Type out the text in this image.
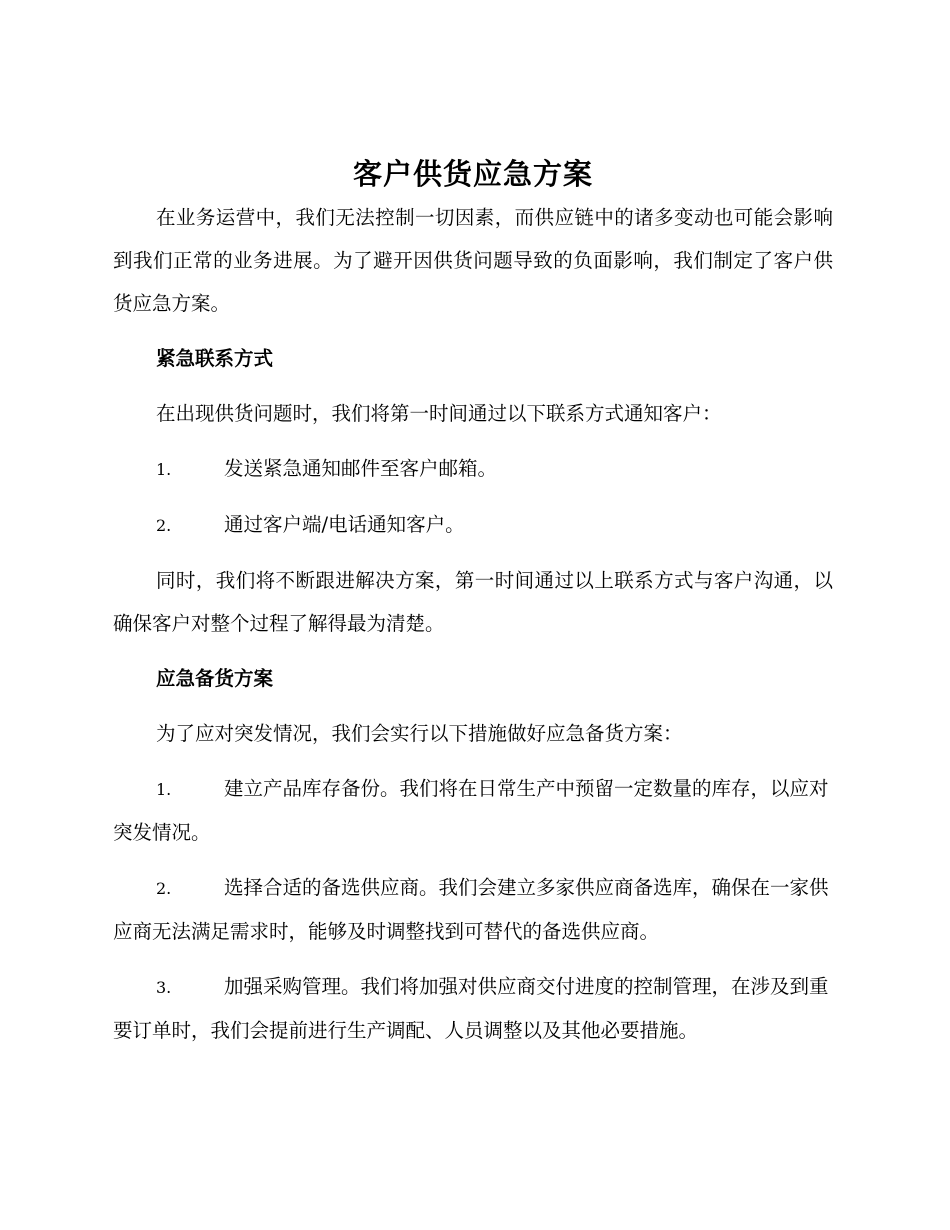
客户供货应急方案

在业务运营中，我们无法控制一切因素，而供应链中的诸多变动也可能会影响到我们正常的业务进展。为了避开因供货问题导致的负面影响，我们制定了客户供货应急方案。

紧急联系方式

在出现供货问题时，我们将第一时间通过以下联系方式通知客户：

1.	发送紧急通知邮件至客户邮箱。
2.	通过客户端/电话通知客户。

同时，我们将不断跟进解决方案，第一时间通过以上联系方式与客户沟通，以确保客户对整个过程了解得最为清楚。

应急备货方案

为了应对突发情况，我们会实行以下措施做好应急备货方案：

1.	建立产品库存备份。我们将在日常生产中预留一定数量的库存，以应对突发情况。
2.	选择合适的备选供应商。我们会建立多家供应商备选库，确保在一家供应商无法满足需求时，能够及时调整找到可替代的备选供应商。
3.	加强采购管理。我们将加强对供应商交付进度的控制管理，在涉及到重要订单时，我们会提前进行生产调配、人员调整以及其他必要措施。
